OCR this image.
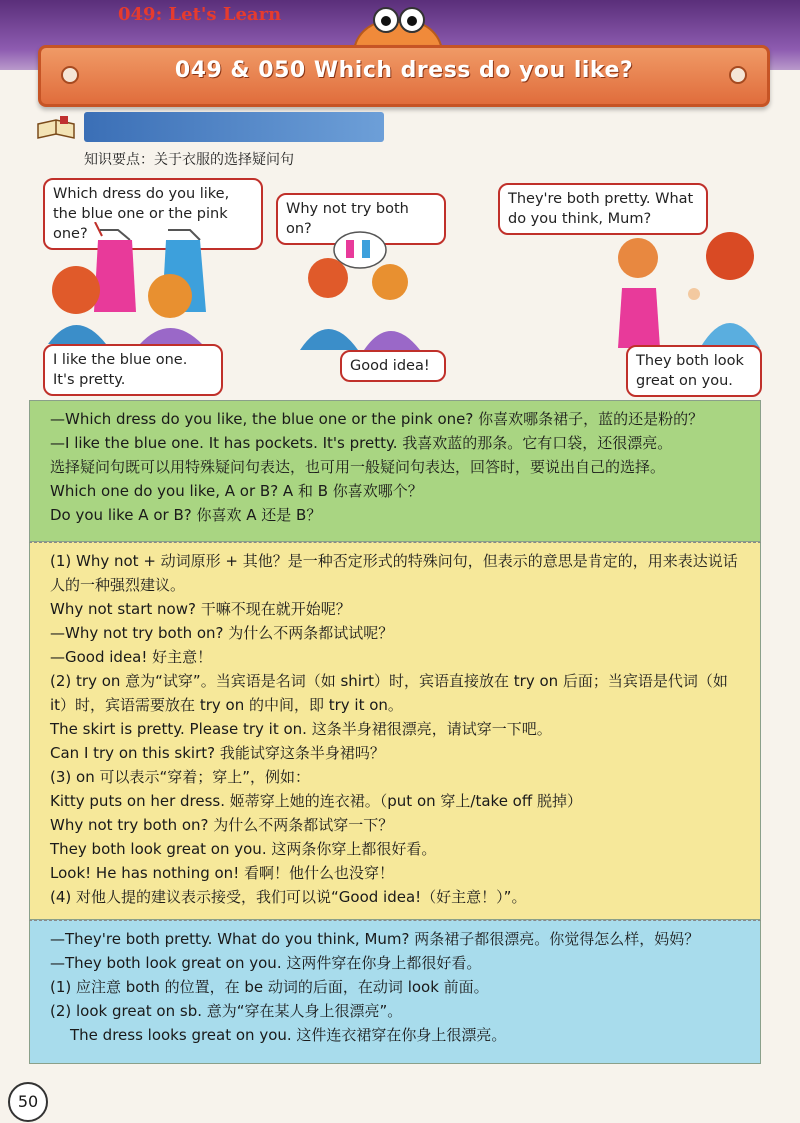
049 & 050 Which dress do you like?
049: Let's Learn
知识要点：关于衣服的选择疑问句
Which dress do you like, the blue one or the pink one?
I like the blue one. It's pretty.
Why not try both on?
Good idea!
They're both pretty. What do you think, Mum?
They both look great on you.
—Which dress do you like, the blue one or the pink one? 你喜欢哪条裙子，蓝的还是粉的？
—I like the blue one. It has pockets. It's pretty. 我喜欢蓝的那条。它有口袋，还很漂亮。
选择疑问句既可以用特殊疑问句表达，也可用一般疑问句表达，回答时，要说出自己的选择。
Which one do you like, A or B? A 和 B 你喜欢哪个？
Do you like A or B? 你喜欢 A 还是 B？
(1) Why not + 动词原形 + 其他？是一种否定形式的特殊问句，但表示的意思是肯定的，用来表达说话人的一种强烈建议。
Why not start now? 干嘛不现在就开始呢？
—Why not try both on? 为什么不两条都试试呢？
—Good idea! 好主意！
(2) try on 意为“试穿”。当宾语是名词（如 shirt）时，宾语直接放在 try on 后面；当宾语是代词（如 it）时，宾语需要放在 try on 的中间，即 try it on。
The skirt is pretty. Please try it on. 这条半身裙很漂亮，请试穿一下吧。
Can I try on this skirt? 我能试穿这条半身裙吗？
(3) on 可以表示“穿着；穿上”，例如：
Kitty puts on her dress. 姬蒂穿上她的连衣裙。（put on 穿上/take off 脱掉）
Why not try both on? 为什么不两条都试穿一下？
They both look great on you. 这两条你穿上都很好看。
Look! He has nothing on! 看啊！他什么也没穿！
(4) 对他人提的建议表示接受，我们可以说“Good idea!（好主意！）”。
—They're both pretty. What do you think, Mum? 两条裙子都很漂亮。你觉得怎么样，妈妈？
—They both look great on you. 这两件穿在你身上都很好看。
(1) 应注意 both 的位置，在 be 动词的后面，在动词 look 前面。
(2) look great on sb. 意为“穿在某人身上很漂亮”。
The dress looks great on you. 这件连衣裙穿在你身上很漂亮。
50
